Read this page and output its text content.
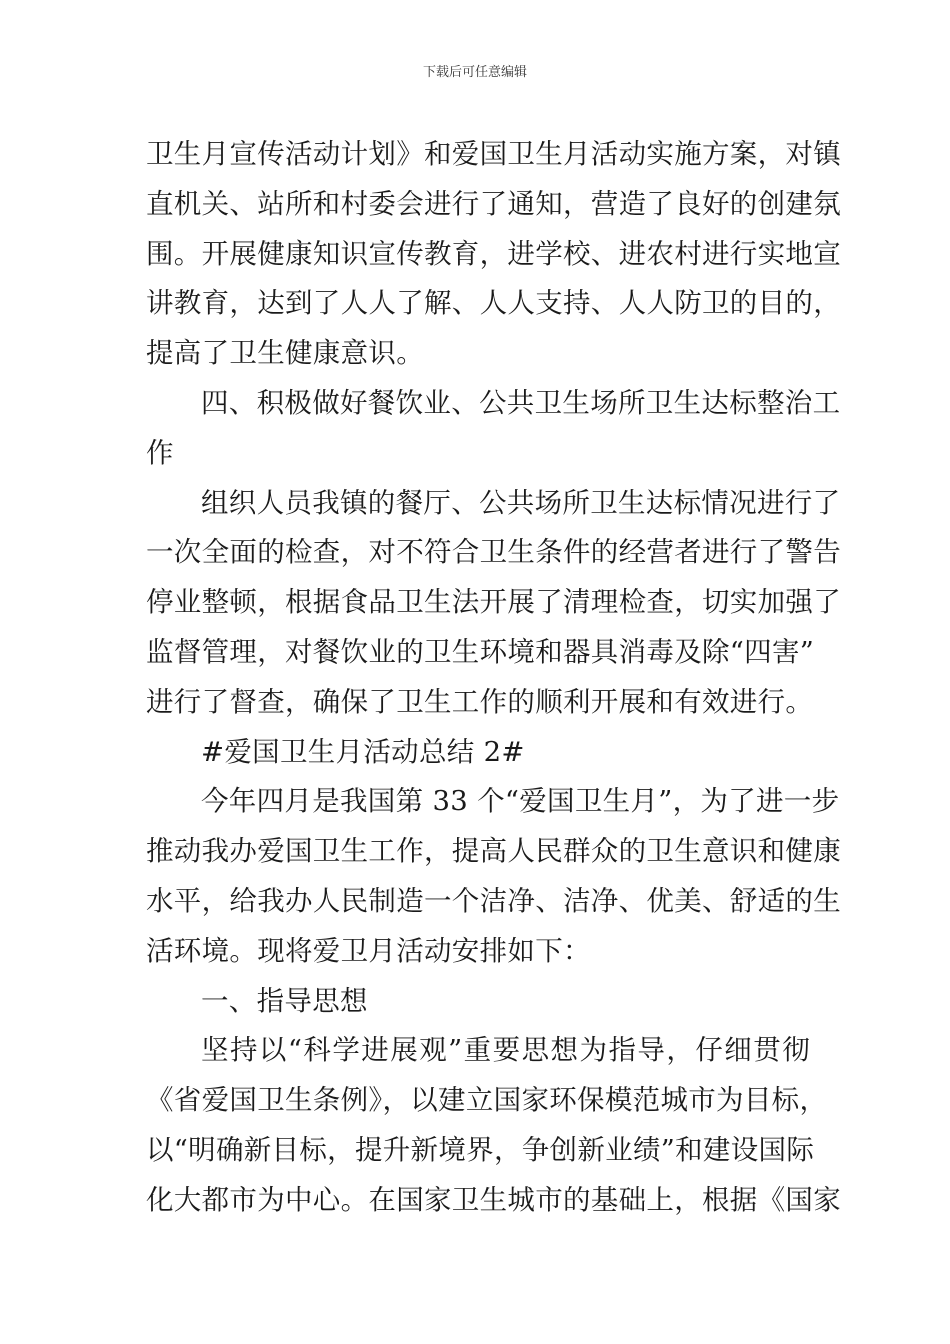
下载后可任意编辑
卫生月宣传活动计划》和爱国卫生月活动实施方案，对镇
直机关、站所和村委会进行了通知，营造了良好的创建氛
围。开展健康知识宣传教育，进学校、进农村进行实地宣
讲教育，达到了人人了解、人人支持、人人防卫的目的，
提高了卫生健康意识。
四、积极做好餐饮业、公共卫生场所卫生达标整治工
作
组织人员我镇的餐厅、公共场所卫生达标情况进行了
一次全面的检查，对不符合卫生条件的经营者进行了警告
停业整顿，根据食品卫生法开展了清理检查，切实加强了
监督管理，对餐饮业的卫生环境和器具消毒及除“四害”
进行了督查，确保了卫生工作的顺利开展和有效进行。
#爱国卫生月活动总结 2#
今年四月是我国第 33 个“爱国卫生月”，为了进一步
推动我办爱国卫生工作，提高人民群众的卫生意识和健康
水平，给我办人民制造一个洁净、洁净、优美、舒适的生
活环境。现将爱卫月活动安排如下：
一、指导思想
坚持以“科学进展观”重要思想为指导，仔细贯彻
《省爱国卫生条例》，以建立国家环保模范城市为目标，
以“明确新目标，提升新境界，争创新业绩”和建设国际
化大都市为中心。在国家卫生城市的基础上，根据《国家
